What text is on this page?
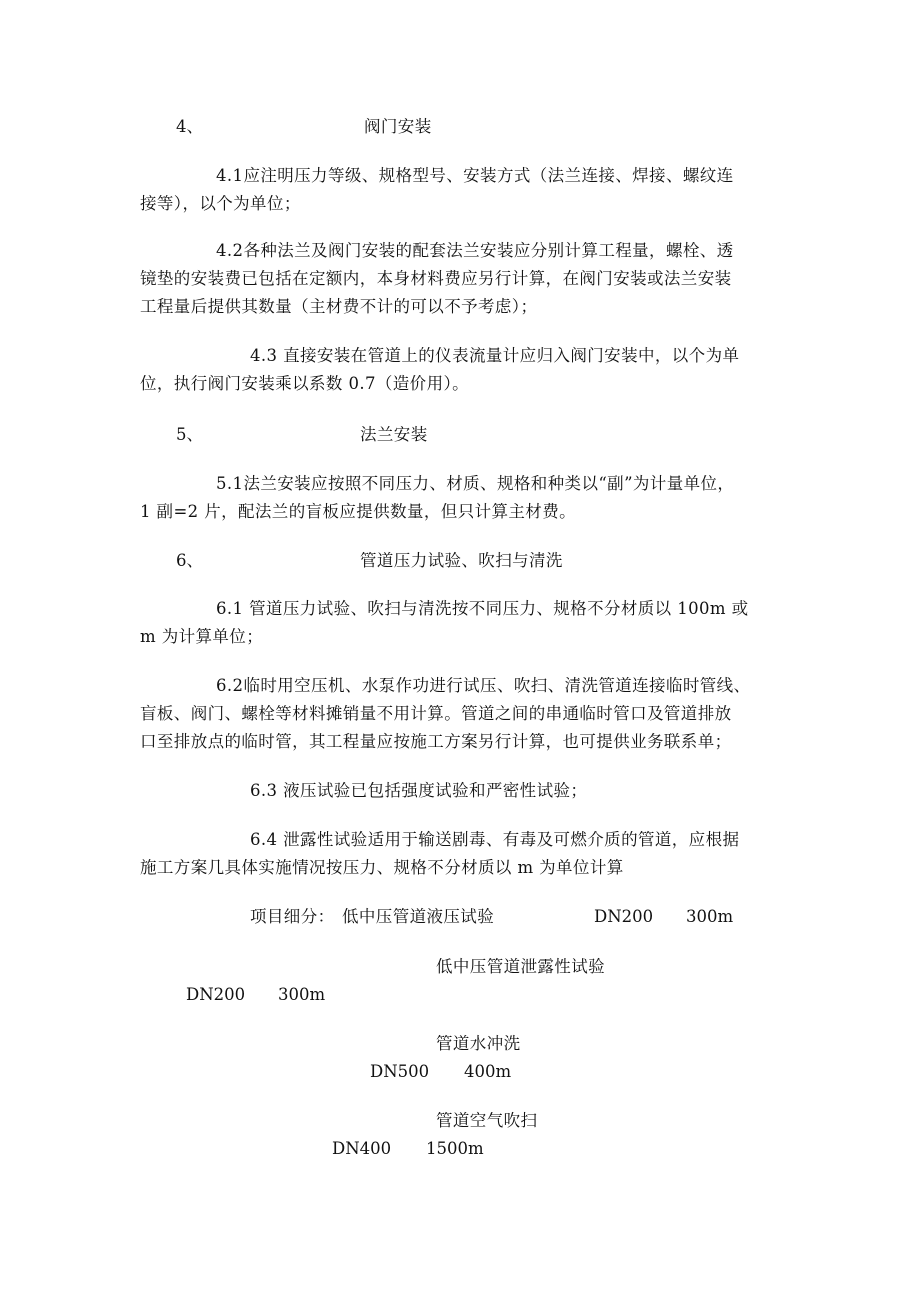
4、	阀门安装
4.1应注明压力等级、规格型号、安装方式（法兰连接、焊接、螺纹连
接等），以个为单位；
4.2各种法兰及阀门安装的配套法兰安装应分别计算工程量，螺栓、透
镜垫的安装费已包括在定额内，本身材料费应另行计算，在阀门安装或法兰安装
工程量后提供其数量（主材费不计的可以不予考虑）；
4.3 直接安装在管道上的仪表流量计应归入阀门安装中，以个为单
位，执行阀门安装乘以系数 0.7（造价用）。
5、	法兰安装
5.1法兰安装应按照不同压力、材质、规格和种类以“副”为计量单位，
1 副=2 片，配法兰的盲板应提供数量，但只计算主材费。
6、	管道压力试验、吹扫与清洗
6.1 管道压力试验、吹扫与清洗按不同压力、规格不分材质以 100m 或
m 为计算单位；
6.2临时用空压机、水泵作功进行试压、吹扫、清洗管道连接临时管线、
盲板、阀门、螺栓等材料摊销量不用计算。管道之间的串通临时管口及管道排放
口至排放点的临时管，其工程量应按施工方案另行计算，也可提供业务联系单；
6.3 液压试验已包括强度试验和严密性试验；
6.4 泄露性试验适用于输送剧毒、有毒及可燃介质的管道，应根据
施工方案几具体实施情况按压力、规格不分材质以 m 为单位计算
项目细分： 低中压管道液压试验	DN200 300m
低中压管道泄露性试验
DN200 300m
管道水冲洗
DN500 400m
管道空气吹扫
DN400 1500m
